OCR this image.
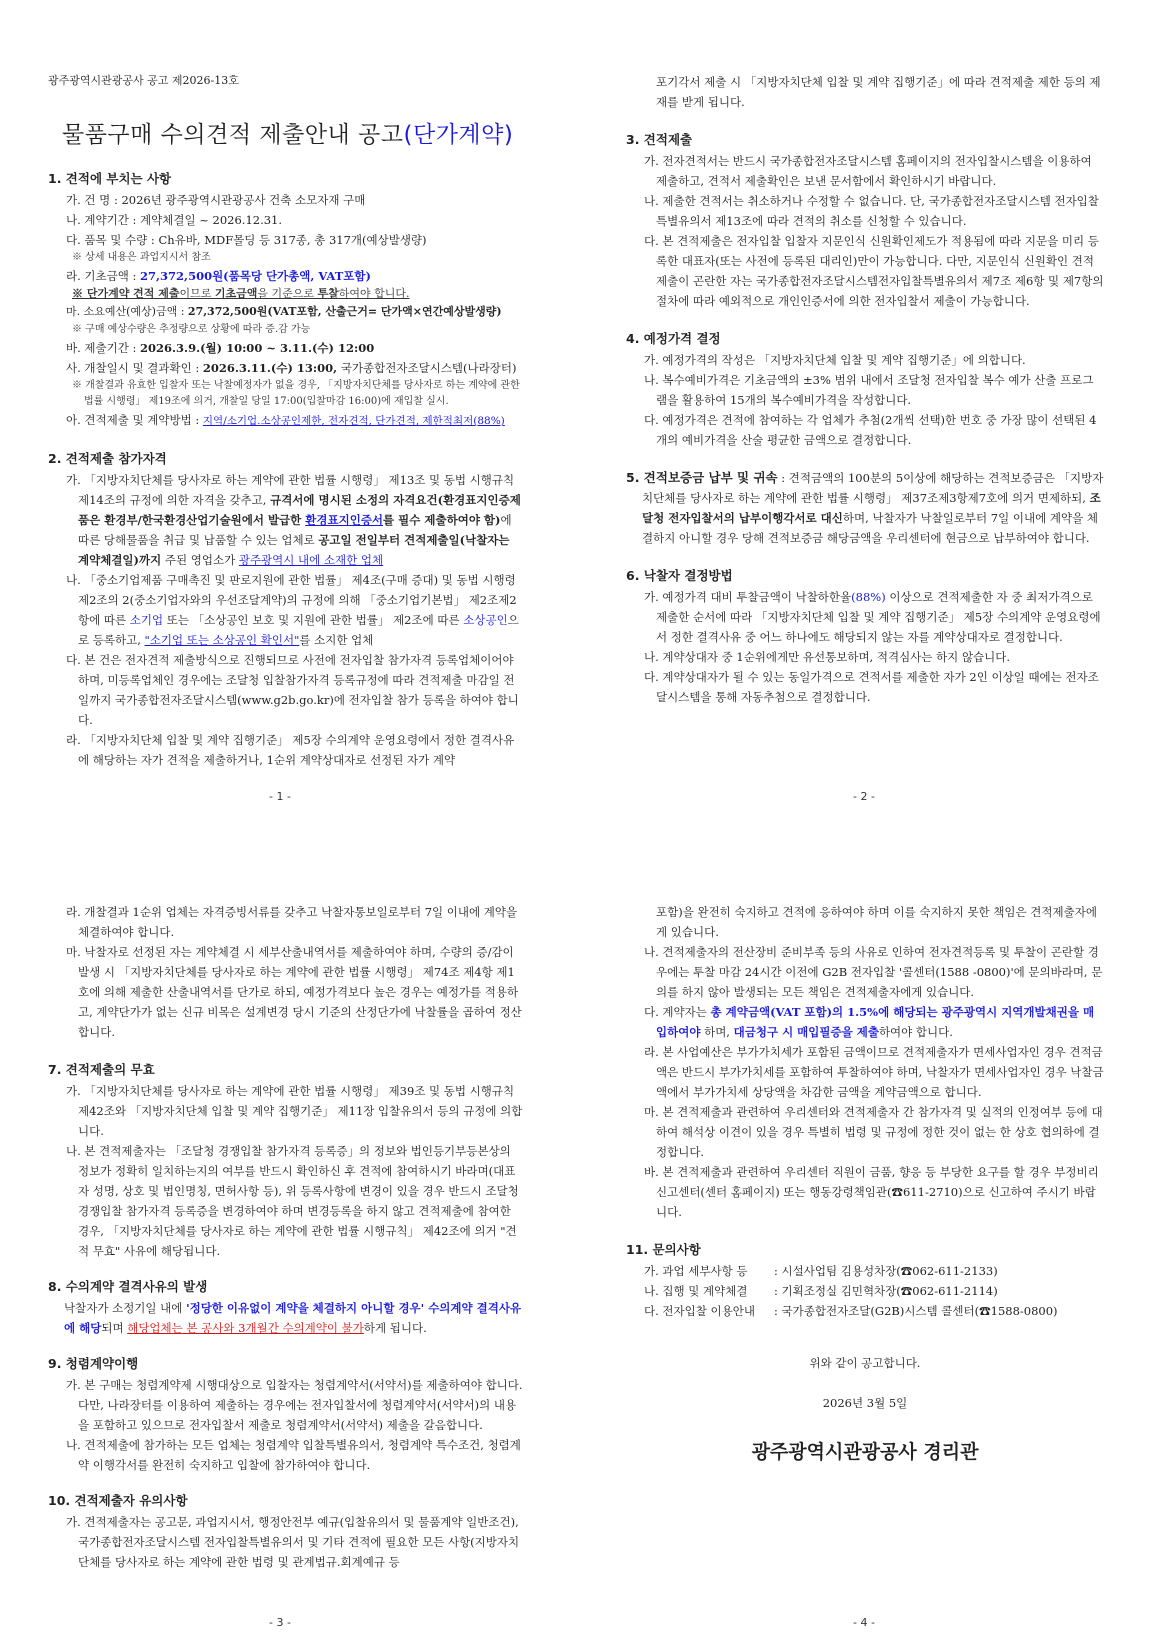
광주광역시관광공사 공고 제2026-13호
물품구매 수의견적 제출안내 공고(단가계약)
1. 견적에 부치는 사항
가. 건 명 : 2026년 광주광역시관광공사 건축 소모자재 구매
나. 계약기간 : 계약체결일 ~ 2026.12.31.
다. 품목 및 수량 : Ch유바, MDF몰딩 등 317종, 총 317개(예상발생량)
※ 상세 내용은 과업지시서 참조
라. 기초금액 : 27,372,500원(품목당 단가총액, VAT포함)
※ 단가계약 견적 제출이므로 기초금액을 기준으로 투찰하여야 합니다.
마. 소요예산(예상)금액 : 27,372,500원(VAT포함, 산출근거= 단가액×연간예상발생량)
※ 구매 예상수량은 추정량으로 상황에 따라 증.감 가능
바. 제출기간 : 2026.3.9.(월) 10:00 ~ 3.11.(수) 12:00
사. 개찰일시 및 결과확인 : 2026.3.11.(수) 13:00, 국가종합전자조달시스템(나라장터)
※ 개찰결과 유효한 입찰자 또는 낙찰예정자가 없을 경우, 「지방자치단체를 당사자로 하는 계약에 관한 법률 시행령」 제19조에 의거, 개찰일 당일 17:00(입찰마감 16:00)에 재입찰 실시.
아. 견적제출 및 계약방법 : 지역/소기업.소상공인제한, 전자견적, 단가견적, 제한적최저(88%)
2. 견적제출 참가자격
가. 「지방자치단체를 당사자로 하는 계약에 관한 법률 시행령」 제13조 및 동법 시행규칙 제14조의 규정에 의한 자격을 갖추고, 규격서에 명시된 소정의 자격요건(환경표지인증제품은 환경부/한국환경산업기술원에서 발급한 환경표지인증서를 필수 제출하여야 함)에 따른 당해물품을 취급 및 납품할 수 있는 업체로 공고일 전일부터 견적제출일(낙찰자는 계약체결일)까지 주된 영업소가 광주광역시 내에 소재한 업체
나. 「중소기업제품 구매촉진 및 판로지원에 관한 법률」 제4조(구매 증대) 및 동법 시행령 제2조의 2(중소기업자와의 우선조달계약)의 규정에 의해 「중소기업기본법」 제2조제2항에 따른 소기업 또는 「소상공인 보호 및 지원에 관한 법률」 제2조에 따른 소상공인으로 등록하고, "소기업 또는 소상공인 확인서"를 소지한 업체
다. 본 건은 전자견적 제출방식으로 진행되므로 사전에 전자입찰 참가자격 등록업체이어야 하며, 미등록업체인 경우에는 조달청 입찰참가자격 등록규정에 따라 견적제출 마감일 전일까지 국가종합전자조달시스템(www.g2b.go.kr)에 전자입찰 참가 등록을 하여야 합니다.
라. 「지방자치단체 입찰 및 계약 집행기준」 제5장 수의계약 운영요령에서 정한 결격사유에 해당하는 자가 견적을 제출하거나, 1순위 계약상대자로 선정된 자가 계약
- 1 -
포기각서 제출 시 「지방자치단체 입찰 및 계약 집행기준」에 따라 견적제출 제한 등의 제재를 받게 됩니다.
3. 견적제출
가. 전자견적서는 반드시 국가종합전자조달시스템 홈페이지의 전자입찰시스템을 이용하여 제출하고, 견적서 제출확인은 보낸 문서함에서 확인하시기 바랍니다.
나. 제출한 견적서는 취소하거나 수정할 수 없습니다. 단, 국가종합전자조달시스템 전자입찰특별유의서 제13조에 따라 견적의 취소를 신청할 수 있습니다.
다. 본 견적제출은 전자입찰 입찰자 지문인식 신원확인제도가 적용됨에 따라 지문을 미리 등록한 대표자(또는 사전에 등록된 대리인)만이 가능합니다. 다만, 지문인식 신원확인 견적제출이 곤란한 자는 국가종합전자조달시스템전자입찰특별유의서 제7조 제6항 및 제7항의 절차에 따라 예외적으로 개인인증서에 의한 전자입찰서 제출이 가능합니다.
4. 예정가격 결정
가. 예정가격의 작성은 「지방자치단체 입찰 및 계약 집행기준」에 의합니다.
나. 복수예비가격은 기초금액의 ±3% 범위 내에서 조달청 전자입찰 복수 예가 산출 프로그램을 활용하여 15개의 복수예비가격을 작성합니다.
다. 예정가격은 견적에 참여하는 각 업체가 추첨(2개씩 선택)한 번호 중 가장 많이 선택된 4개의 예비가격을 산술 평균한 금액으로 결정합니다.
5. 견적보증금 납부 및 귀속 : 견적금액의 100분의 5이상에 해당하는 견적보증금은 「지방자치단체를 당사자로 하는 계약에 관한 법률 시행령」 제37조제3항제7호에 의거 면제하되, 조달청 전자입찰서의 납부이행각서로 대신하며, 낙찰자가 낙찰일로부터 7일 이내에 계약을 체결하지 아니할 경우 당해 견적보증금 해당금액을 우리센터에 현금으로 납부하여야 합니다.
6. 낙찰자 결정방법
가. 예정가격 대비 투찰금액이 낙찰하한율(88%) 이상으로 견적제출한 자 중 최저가격으로 제출한 순서에 따라 「지방자치단체 입찰 및 계약 집행기준」 제5장 수의계약 운영요령에서 정한 결격사유 중 어느 하나에도 해당되지 않는 자를 계약상대자로 결정합니다.
나. 계약상대자 중 1순위에게만 유선통보하며, 적격심사는 하지 않습니다.
다. 계약상대자가 될 수 있는 동일가격으로 견적서를 제출한 자가 2인 이상일 때에는 전자조달시스템을 통해 자동추첨으로 결정합니다.
- 2 -
라. 개찰결과 1순위 업체는 자격증빙서류를 갖추고 낙찰자통보일로부터 7일 이내에 계약을 체결하여야 합니다.
마. 낙찰자로 선정된 자는 계약체결 시 세부산출내역서를 제출하여야 하며, 수량의 증/감이 발생 시 「지방자치단체를 당사자로 하는 계약에 관한 법률 시행령」 제74조 제4항 제1호에 의해 제출한 산출내역서를 단가로 하되, 예정가격보다 높은 경우는 예정가를 적용하고, 계약단가가 없는 신규 비목은 설계변경 당시 기준의 산정단가에 낙찰률을 곱하여 정산합니다.
7. 견적제출의 무효
가. 「지방자치단체를 당사자로 하는 계약에 관한 법률 시행령」 제39조 및 동법 시행규칙 제42조와 「지방자치단체 입찰 및 계약 집행기준」 제11장 입찰유의서 등의 규정에 의합니다.
나. 본 견적제출자는 「조달청 경쟁입찰 참가자격 등록증」의 정보와 법인등기부등본상의 정보가 정확히 일치하는지의 여부를 반드시 확인하신 후 견적에 참여하시기 바라며(대표자 성명, 상호 및 법인명칭, 면허사항 등), 위 등록사항에 변경이 있을 경우 반드시 조달청 경쟁입찰 참가자격 등록증을 변경하여야 하며 변경등록을 하지 않고 견적제출에 참여한 경우, 「지방자치단체를 당사자로 하는 계약에 관한 법률 시행규칙」 제42조에 의거 "견적 무효" 사유에 해당됩니다.
8. 수의계약 결격사유의 발생
낙찰자가 소정기일 내에 '정당한 이유없이 계약을 체결하지 아니할 경우' 수의계약 결격사유에 해당되며 해당업체는 본 공사와 3개월간 수의계약이 불가하게 됩니다.
9. 청렴계약이행
가. 본 구매는 청렴계약제 시행대상으로 입찰자는 청렴계약서(서약서)를 제출하여야 합니다. 다만, 나라장터를 이용하여 제출하는 경우에는 전자입찰서에 청렴계약서(서약서)의 내용을 포함하고 있으므로 전자입찰서 제출로 청렴계약서(서약서) 제출을 갈음합니다.
나. 견적제출에 참가하는 모든 업체는 청렴계약 입찰특별유의서, 청렴계약 특수조건, 청렴계약 이행각서를 완전히 숙지하고 입찰에 참가하여야 합니다.
10. 견적제출자 유의사항
가. 견적제출자는 공고문, 과업지시서, 행정안전부 예규(입찰유의서 및 물품계약 일반조건), 국가종합전자조달시스템 전자입찰특별유의서 및 기타 견적에 필요한 모든 사항(지방자치단체를 당사자로 하는 계약에 관한 법령 및 관계법규.회계예규 등
- 3 -
포함)을 완전히 숙지하고 견적에 응하여야 하며 이를 숙지하지 못한 책임은 견적제출자에게 있습니다.
나. 견적제출자의 전산장비 준비부족 등의 사유로 인하여 전자견적등록 및 투찰이 곤란할 경우에는 투찰 마감 24시간 이전에 G2B 전자입찰 '콜센터(1588 -0800)'에 문의바라며, 문의를 하지 않아 발생되는 모든 책임은 견적제출자에게 있습니다.
다. 계약자는 총 계약금액(VAT 포함)의 1.5%에 해당되는 광주광역시 지역개발채권을 매입하여야 하며, 대금청구 시 매입필증을 제출하여야 합니다.
라. 본 사업예산은 부가가치세가 포함된 금액이므로 견적제출자가 면세사업자인 경우 견적금액은 반드시 부가가치세를 포함하여 투찰하여야 하며, 낙찰자가 면세사업자인 경우 낙찰금액에서 부가가치세 상당액을 차감한 금액을 계약금액으로 합니다.
마. 본 견적제출과 관련하여 우리센터와 견적제출자 간 참가자격 및 실적의 인정여부 등에 대하여 해석상 이견이 있을 경우 특별히 법령 및 규정에 정한 것이 없는 한 상호 협의하에 결정합니다.
바. 본 견적제출과 관련하여 우리센터 직원이 금품, 향응 등 부당한 요구를 할 경우 부정비리신고센터(센터 홈페이지) 또는 행동강령책임관(☎611-2710)으로 신고하여 주시기 바랍니다.
11. 문의사항
가. 과업 세부사항 등 : 시설사업팀 김용성차장(☎062-611-2133)
나. 집행 및 계약체결 : 기획조정실 김민혁차장(☎062-611-2114)
다. 전자입찰 이용안내 : 국가종합전자조달(G2B)시스템 콜센터(☎1588-0800)
위와 같이 공고합니다.
2026년 3월 5일
광주광역시관광공사 경리관
- 4 -
